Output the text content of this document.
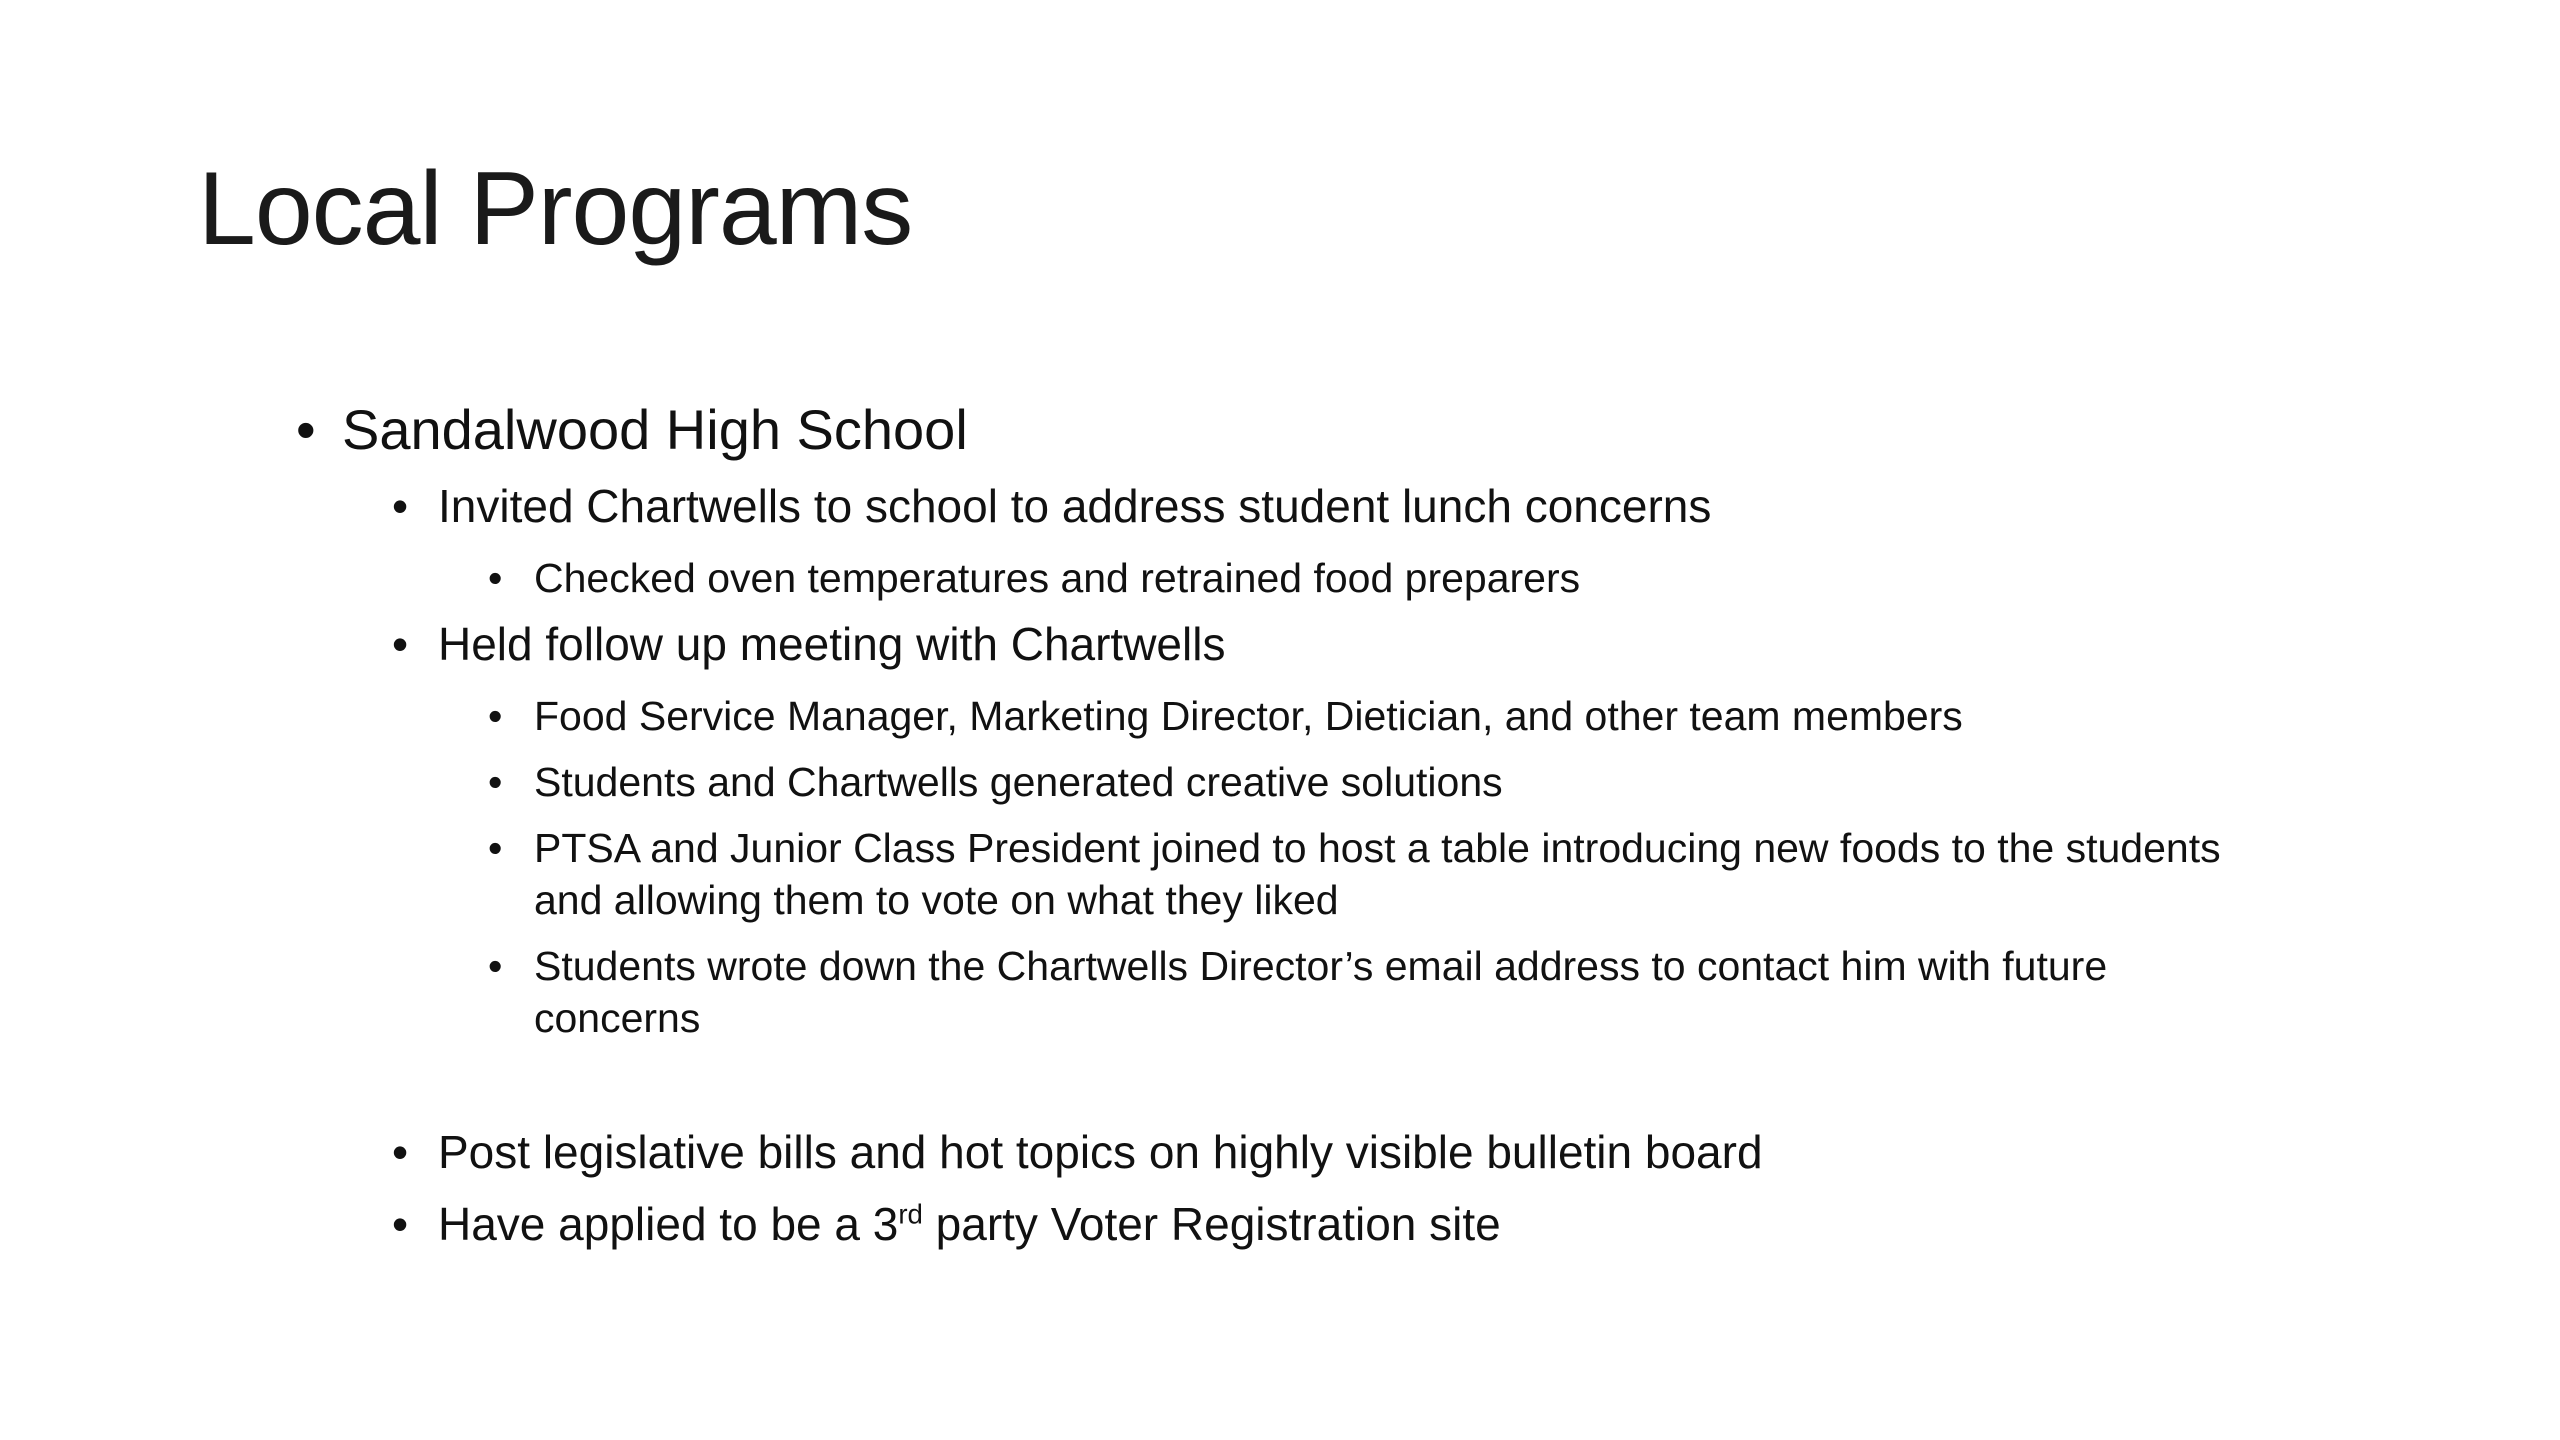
Local Programs
• Sandalwood High School
• Invited Chartwells to school to address student lunch concerns
• Checked oven temperatures and retrained food preparers
• Held follow up meeting with Chartwells
• Food Service Manager, Marketing Director, Dietician, and other team members
• Students and Chartwells generated creative solutions
• PTSA and Junior Class President joined to host a table introducing new foods to the students
and allowing them to vote on what they liked
• Students wrote down the Chartwells Director’s email address to contact him with future
concerns
• Post legislative bills and hot topics on highly visible bulletin board
• Have applied to be a 3rd party Voter Registration site
